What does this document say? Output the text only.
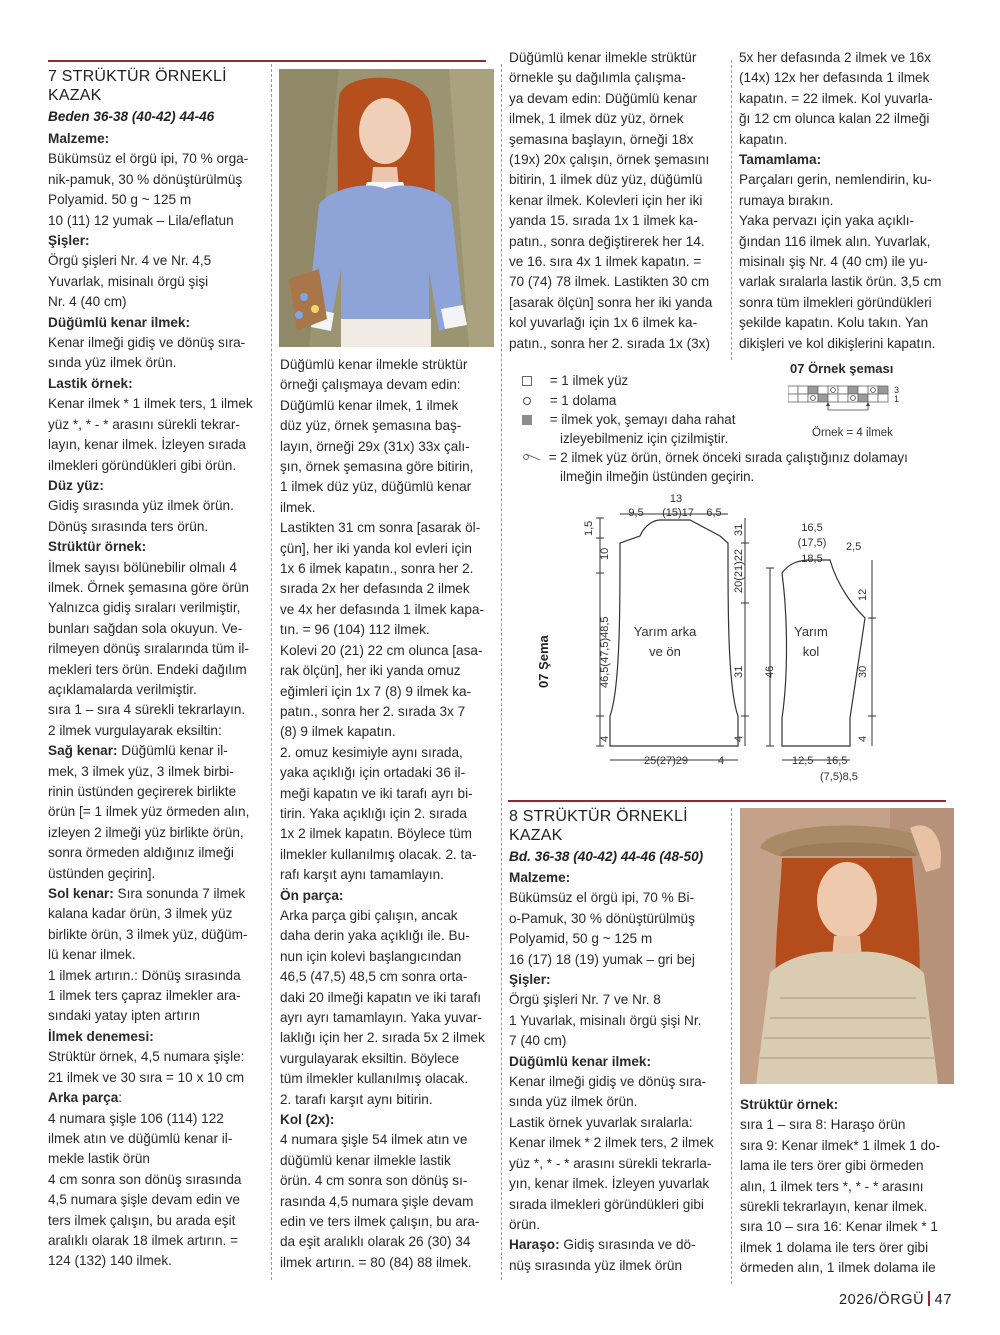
7 STRÜKTÜR ÖRNEKLİ
KAZAK
Beden 36-38 (40-42) 44-46

Malzeme:

Bükümsüz el örgü ipi, 70 % orga-

nik-pamuk, 30 % dönüştürülmüş

Polyamid. 50 g ~ 125 m

10 (11) 12 yumak – Lila/eflatun

Şişler:

Örgü şişleri Nr. 4 ve Nr. 4,5

Yuvarlak, misinalı örgü şişi

Nr. 4 (40 cm)

Düğümlü kenar ilmek:

Kenar ilmeği gidiş ve dönüş sıra-

sında yüz ilmek örün.

Lastik örnek:

Kenar ilmek * 1 ilmek ters, 1 ilmek

yüz *, * - * arasını sürekli tekrar-

layın, kenar ilmek. İzleyen sırada

ilmekleri göründükleri gibi örün.

Düz yüz:

Gidiş sırasında yüz ilmek örün.

Dönüş sırasında ters örün.

Strüktür örnek:

İlmek sayısı bölünebilir olmalı 4

ilmek. Örnek şemasına göre örün

Yalnızca gidiş sıraları verilmiştir,

bunları sağdan sola okuyun. Ve-

rilmeyen dönüş sıralarında tüm il-

mekleri ters örün. Endeki dağılım

açıklamalarda verilmiştir.

sıra 1 – sıra 4 sürekli tekrarlayın.

2 ilmek vurgulayarak eksiltin:

Sağ kenar: Düğümlü kenar il-

mek, 3 ilmek yüz, 3 ilmek birbi-

rinin üstünden geçirerek birlikte

örün [= 1 ilmek yüz örmeden alın,

izleyen 2 ilmeği yüz birlikte örün,

sonra örmeden aldığınız ilmeği

üstünden geçirin].

Sol kenar: Sıra sonunda 7 ilmek

kalana kadar örün, 3 ilmek yüz

birlikte örün, 3 ilmek yüz, düğüm-

lü kenar ilmek.

1 ilmek artırın.: Dönüş sırasında

1 ilmek ters çapraz ilmekler ara-

sındaki yatay ipten artırın

İlmek denemesi:

Strüktür örnek, 4,5 numara şişle:

21 ilmek ve 30 sıra = 10 x 10 cm

Arka parça:

4 numara şişle 106 (114) 122

ilmek atın ve düğümlü kenar il-

mekle lastik örün

4 cm sonra son dönüş sırasında

4,5 numara şişle devam edin ve

ters ilmek çalışın, bu arada eşit

aralıklı olarak 18 ilmek artırın. =

124 (132) 140 ilmek.

Düğümlü kenar ilmekle strüktür

örneği çalışmaya devam edin:

Düğümlü kenar ilmek, 1 ilmek

düz yüz, örnek şemasına baş-

layın, örneği 29x (31x) 33x çalı-

şın, örnek şemasına göre bitirin,

1 ilmek düz yüz, düğümlü kenar

ilmek.

Lastikten 31 cm sonra [asarak öl-

çün], her iki yanda kol evleri için

1x 6 ilmek kapatın., sonra her 2.

sırada 2x her defasında 2 ilmek

ve 4x her defasında 1 ilmek kapa-

tın. = 96 (104) 112 ilmek.

Kolevi 20 (21) 22 cm olunca [asa-

rak ölçün], her iki yanda omuz

eğimleri için 1x 7 (8) 9 ilmek ka-

patın., sonra her 2. sırada 3x 7

(8) 9 ilmek kapatın.

2. omuz kesimiyle aynı sırada,

yaka açıklığı için ortadaki 36 il-

meği kapatın ve iki tarafı ayrı bi-

tirin. Yaka açıklığı için 2. sırada

1x 2 ilmek kapatın. Böylece tüm

ilmekler kullanılmış olacak. 2. ta-

rafı karşıt aynı tamamlayın.

Ön parça:

Arka parça gibi çalışın, ancak

daha derin yaka açıklığı ile. Bu-

nun için kolevi başlangıcından

46,5 (47,5) 48,5 cm sonra orta-

daki 20 ilmeği kapatın ve iki tarafı

ayrı ayrı tamamlayın. Yaka yuvar-

laklığı için her 2. sırada 5x 2 ilmek

vurgulayarak eksiltin. Böylece

tüm ilmekler kullanılmış olacak.

2. tarafı karşıt aynı bitirin.

Kol (2x):

4 numara şişle 54 ilmek atın ve

düğümlü kenar ilmekle lastik

örün. 4 cm sonra son dönüş sı-

rasında 4,5 numara şişle devam

edin ve ters ilmek çalışın, bu ara-

da eşit aralıklı olarak 26 (30) 34

ilmek artırın. = 80 (84) 88 ilmek.

Düğümlü kenar ilmekle strüktür

örnekle şu dağılımla çalışma-

ya devam edin: Düğümlü kenar

ilmek, 1 ilmek düz yüz, örnek

şemasına başlayın, örneği 18x

(19x) 20x çalışın, örnek şemasını

bitirin, 1 ilmek düz yüz, düğümlü

kenar ilmek. Kolevleri için her iki

yanda 15. sırada 1x 1 ilmek ka-

patın., sonra değiştirerek her 14.

ve 16. sıra 4x 1 ilmek kapatın. =

70 (74) 78 ilmek. Lastikten 30 cm

[asarak ölçün] sonra her iki yanda

kol yuvarlağı için 1x 6 ilmek ka-

patın., sonra her 2. sırada 1x (3x)

5x her defasında 2 ilmek ve 16x

(14x) 12x her defasında 1 ilmek

kapatın. = 22 ilmek. Kol yuvarla-

ğı 12 cm olunca kalan 22 ilmeği

kapatın.

Tamamlama:

Parçaları gerin, nemlendirin, ku-

rumaya bırakın.

Yaka pervazı için yaka açıklı-

ğından 116 ilmek alın. Yuvarlak,

misinalı şiş Nr. 4 (40 cm) ile yu-

varlak sıralarla lastik örün. 3,5 cm

sonra tüm ilmekleri göründükleri

şekilde kapatın. Kolu takın. Yan

dikişleri ve kol dikişlerini kapatın.

07 Örnek şeması
3
1
Örnek = 4 ilmek
= 1 ilmek yüz
= 1 dolama
= ilmek yok, şemayı daha rahat
izleyebilmeniz için çizilmiştir.
= 2 ilmek yüz örün, örnek önceki sırada çalıştığınız dolamayı
ilmeğin ilmeğin üstünden geçirin.
07 Şema
Yarım arka
ve ön
Yarım
kol
13
9,5 (15)17 6,5
1,5
10
46,5(47,5)48,5
4
20(21)22
31
4
31 46
25(27)29	4
16,5
(17,5)
18,5
2,5
12
30
4
12,5 16,5
(7,5)8,5
8 STRÜKTÜR ÖRNEKLİ
KAZAK
Bd. 36-38 (40-42) 44-46 (48-50)

Malzeme:

Bükümsüz el örgü ipi, 70 % Bi-

o-Pamuk, 30 % dönüştürülmüş

Polyamid, 50 g ~ 125 m

16 (17) 18 (19) yumak – gri bej

Şişler:

Örgü şişleri Nr. 7 ve Nr. 8

1 Yuvarlak, misinalı örgü şişi Nr.

7 (40 cm)

Düğümlü kenar ilmek:

Kenar ilmeği gidiş ve dönüş sıra-

sında yüz ilmek örün.

Lastik örnek yuvarlak sıralarla:

Kenar ilmek * 2 ilmek ters, 2 ilmek

yüz *, * - * arasını sürekli tekrarla-

yın, kenar ilmek. İzleyen yuvarlak

sırada ilmekleri göründükleri gibi

örün.

Haraşo: Gidiş sırasında ve dö-

nüş sırasında yüz ilmek örün

Strüktür örnek:

sıra 1 – sıra 8: Haraşo örün

sıra 9: Kenar ilmek* 1 ilmek 1 do-

lama ile ters örer gibi örmeden

alın, 1 ilmek ters *, * - * arasını

sürekli tekrarlayın, kenar ilmek.

sıra 10 – sıra 16: Kenar ilmek * 1

ilmek 1 dolama ile ters örer gibi

örmeden alın, 1 ilmek dolama ile

2026/ÖRGÜ 47
